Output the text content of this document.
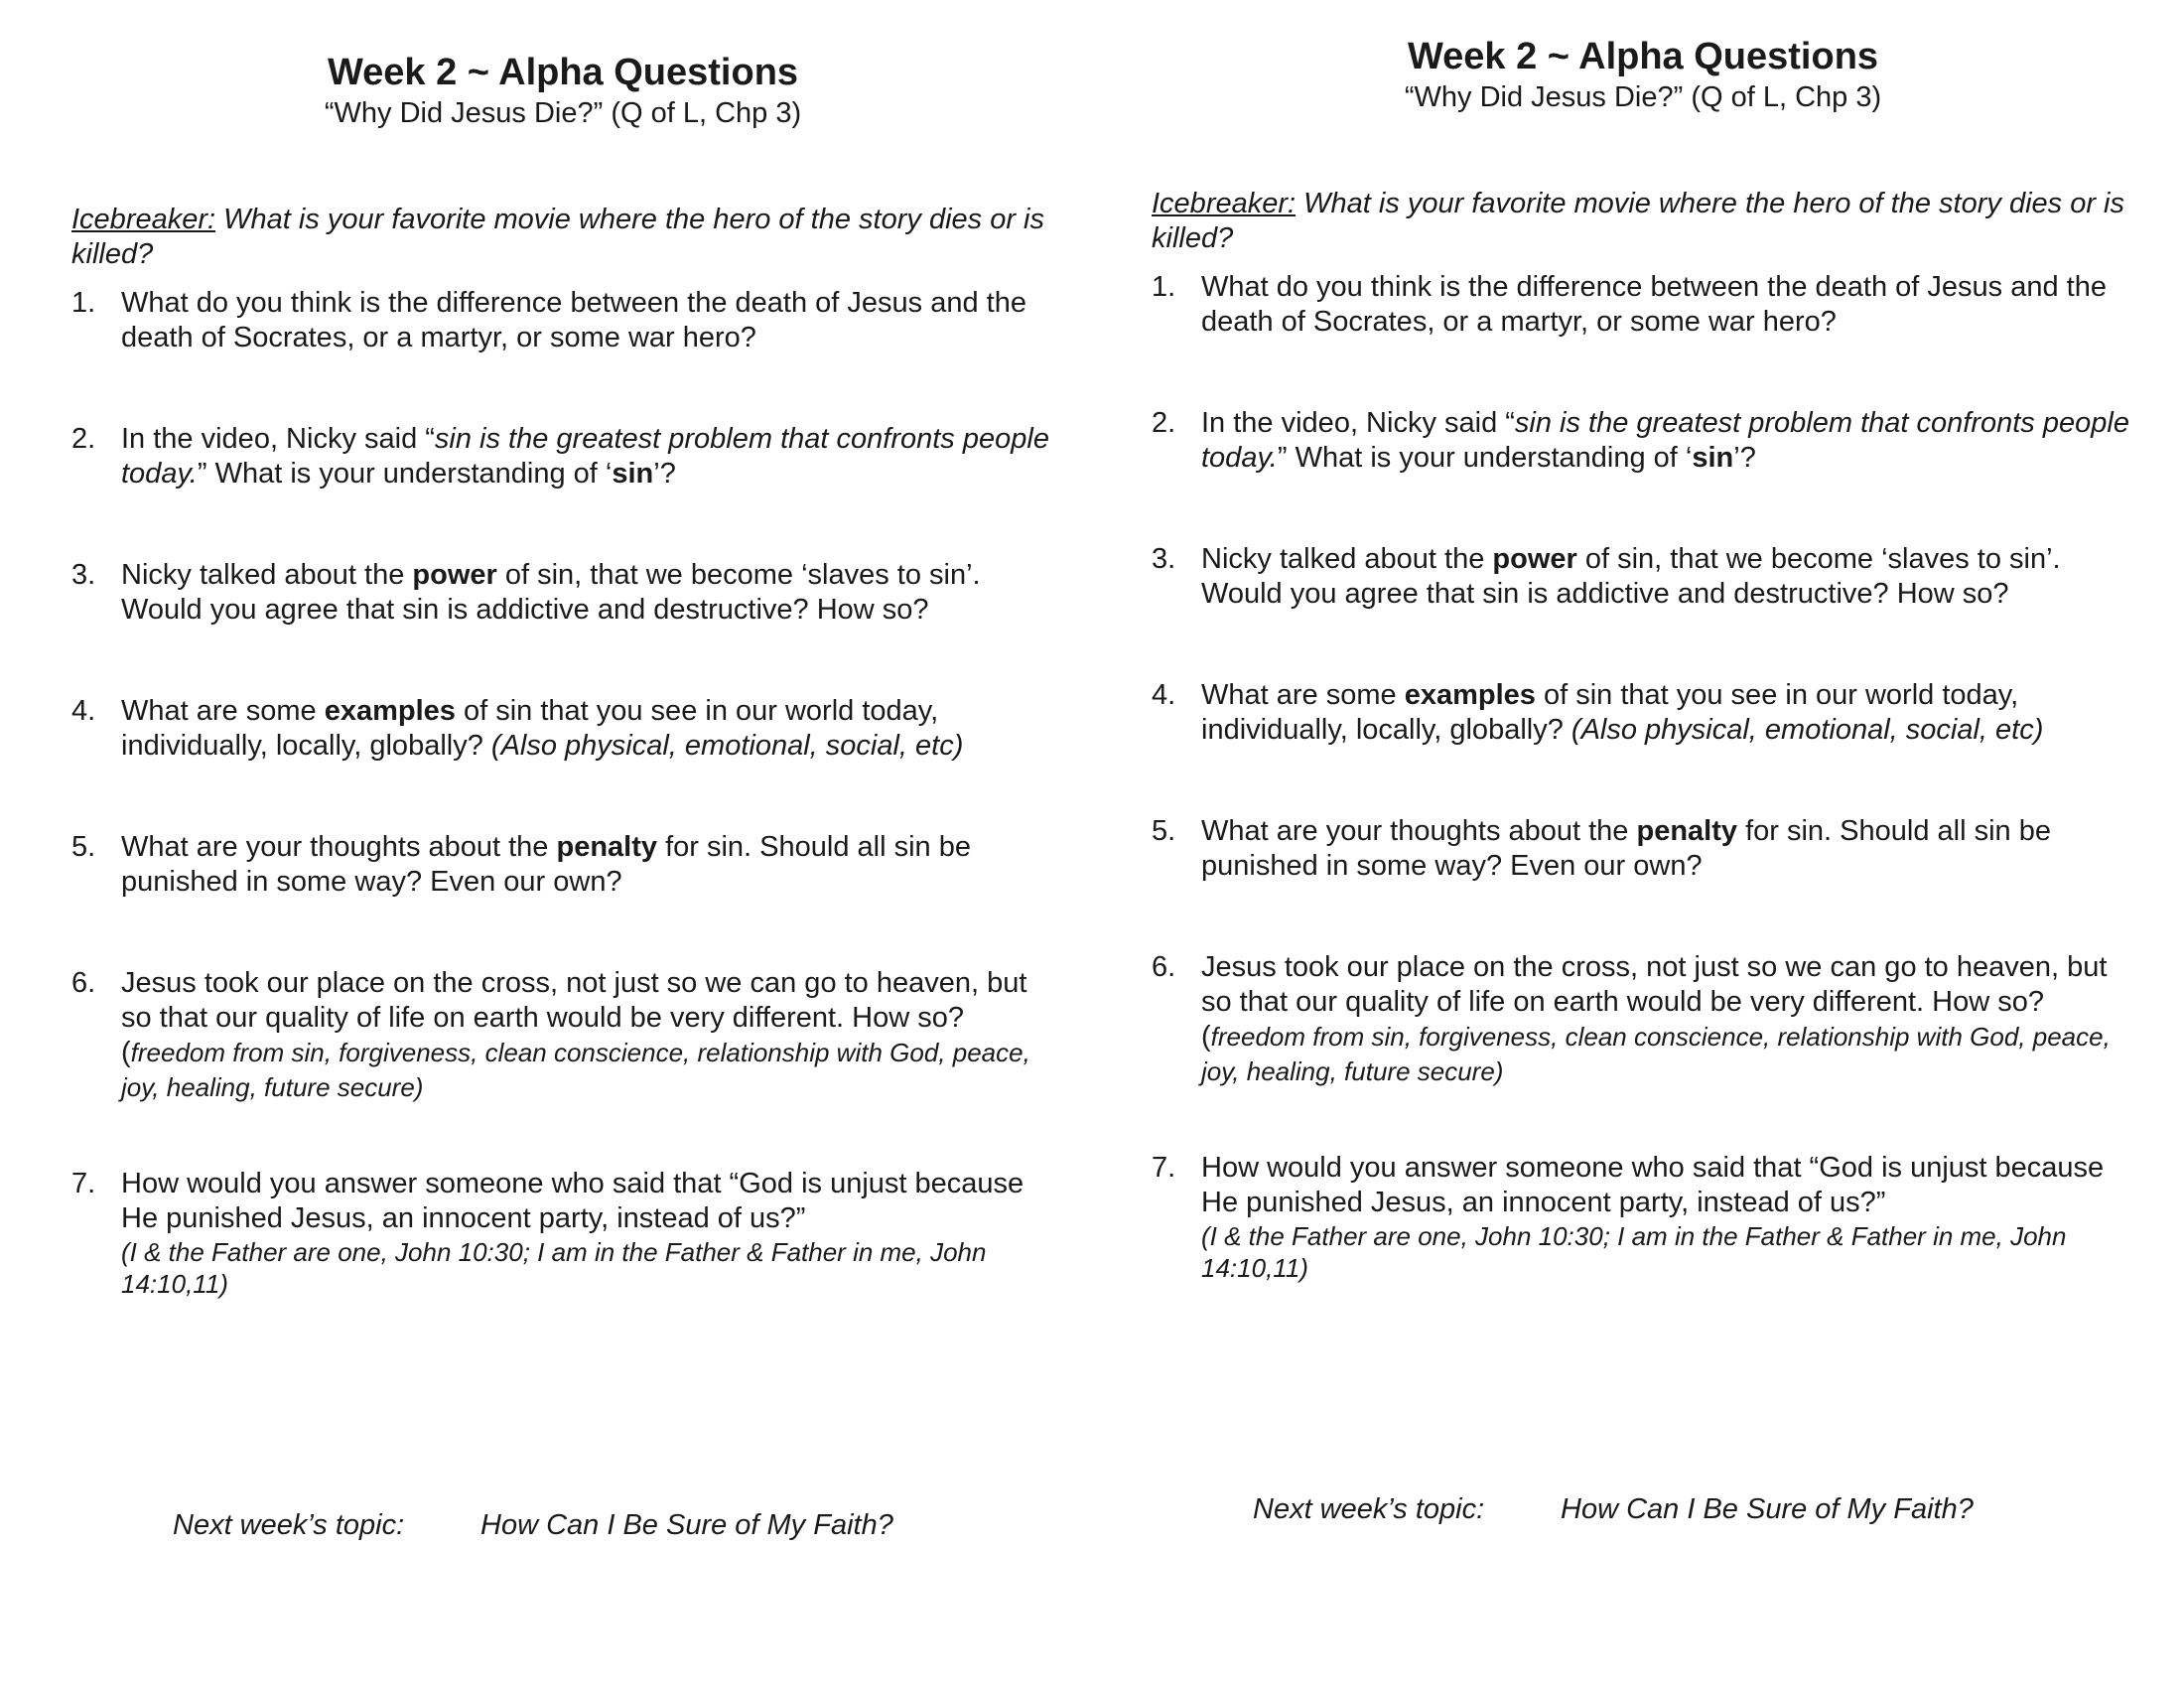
Week 2 ~ Alpha Questions

“Why Did Jesus Die?” (Q of L, Chp 3)

Icebreaker: What is your favorite movie where the hero of the story dies or is killed?
1. What do you think is the difference between the death of Jesus and the death of Socrates, or a martyr, or some war hero?
2. In the video, Nicky said “sin is the greatest problem that confronts people today.” What is your understanding of ‘sin’?
3. Nicky talked about the power of sin, that we become ‘slaves to sin’. Would you agree that sin is addictive and destructive? How so?
4. What are some examples of sin that you see in our world today, individually, locally, globally? (Also physical, emotional, social, etc)
5. What are your thoughts about the penalty for sin. Should all sin be punished in some way? Even our own?
6. Jesus took our place on the cross, not just so we can go to heaven, but so that our quality of life on earth would be very different. How so? (freedom from sin, forgiveness, clean conscience, relationship with God, peace, joy, healing, future secure)
7. How would you answer someone who said that “God is unjust because He punished Jesus, an innocent party, instead of us?”
(I & the Father are one, John 10:30; I am in the Father & Father in me, John 14:10,11)
Next week’s topic:	How Can I Be Sure of My Faith?
Week 2 ~ Alpha Questions

“Why Did Jesus Die?” (Q of L, Chp 3)

Icebreaker: What is your favorite movie where the hero of the story dies or is killed?
1. What do you think is the difference between the death of Jesus and the death of Socrates, or a martyr, or some war hero?
2. In the video, Nicky said “sin is the greatest problem that confronts people today.” What is your understanding of ‘sin’?
3. Nicky talked about the power of sin, that we become ‘slaves to sin’. Would you agree that sin is addictive and destructive? How so?
4. What are some examples of sin that you see in our world today, individually, locally, globally? (Also physical, emotional, social, etc)
5. What are your thoughts about the penalty for sin. Should all sin be punished in some way? Even our own?
6. Jesus took our place on the cross, not just so we can go to heaven, but so that our quality of life on earth would be very different. How so? (freedom from sin, forgiveness, clean conscience, relationship with God, peace, joy, healing, future secure)
7. How would you answer someone who said that “God is unjust because He punished Jesus, an innocent party, instead of us?”
(I & the Father are one, John 10:30; I am in the Father & Father in me, John 14:10,11)
Next week’s topic:	How Can I Be Sure of My Faith?
